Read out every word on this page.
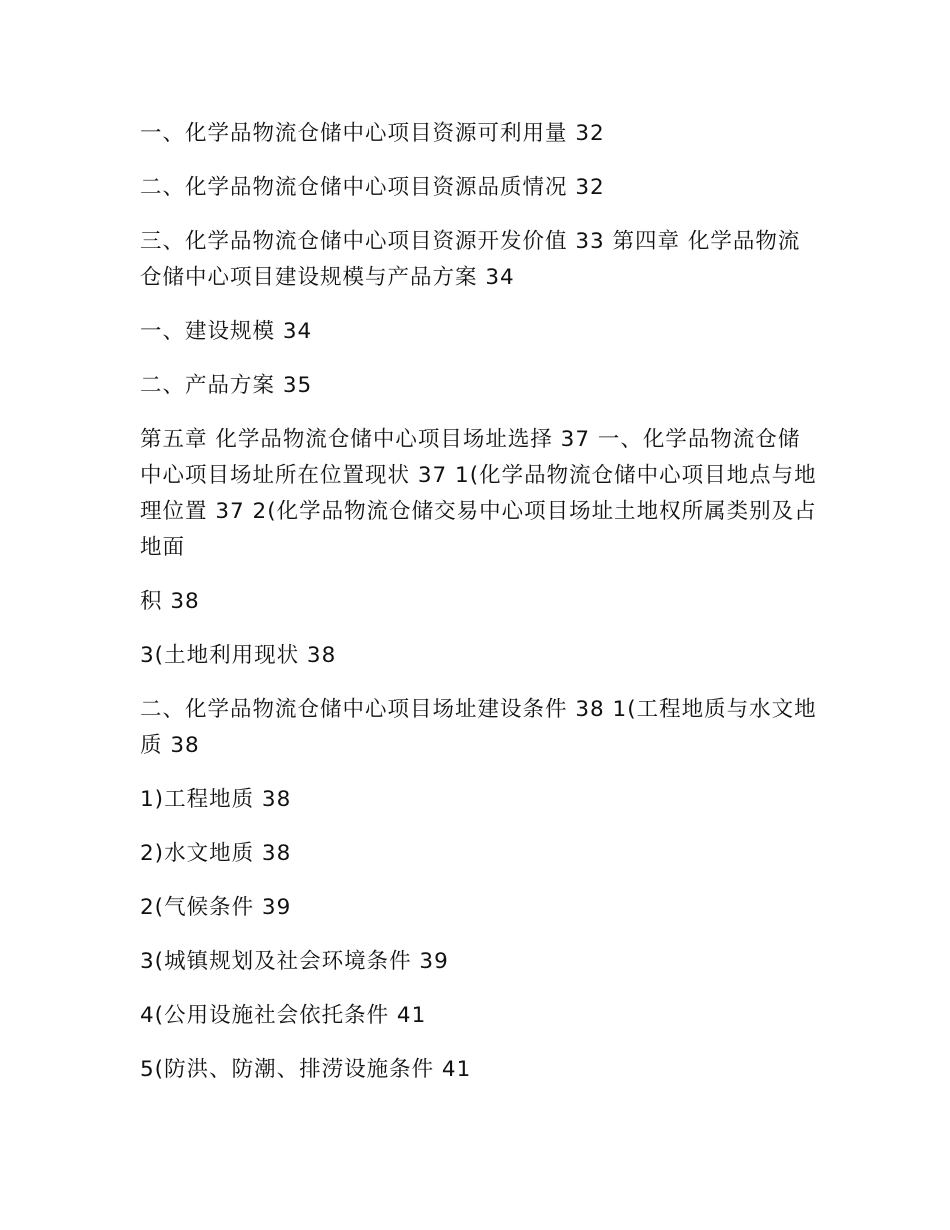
一、化学品物流仓储中心项目资源可利用量 32

二、化学品物流仓储中心项目资源品质情况 32

三、化学品物流仓储中心项目资源开发价值 33 第四章 化学品物流仓储中心项目建设规模与产品方案 34

一、建设规模 34

二、产品方案 35

第五章 化学品物流仓储中心项目场址选择 37 一、化学品物流仓储中心项目场址所在位置现状 37 1(化学品物流仓储中心项目地点与地理位置 37 2(化学品物流仓储交易中心项目场址土地权所属类别及占地面

积 38

3(土地利用现状 38

二、化学品物流仓储中心项目场址建设条件 38 1(工程地质与水文地质 38

1)工程地质 38

2)水文地质 38

2(气候条件 39

3(城镇规划及社会环境条件 39

4(公用设施社会依托条件 41

5(防洪、防潮、排涝设施条件 41
